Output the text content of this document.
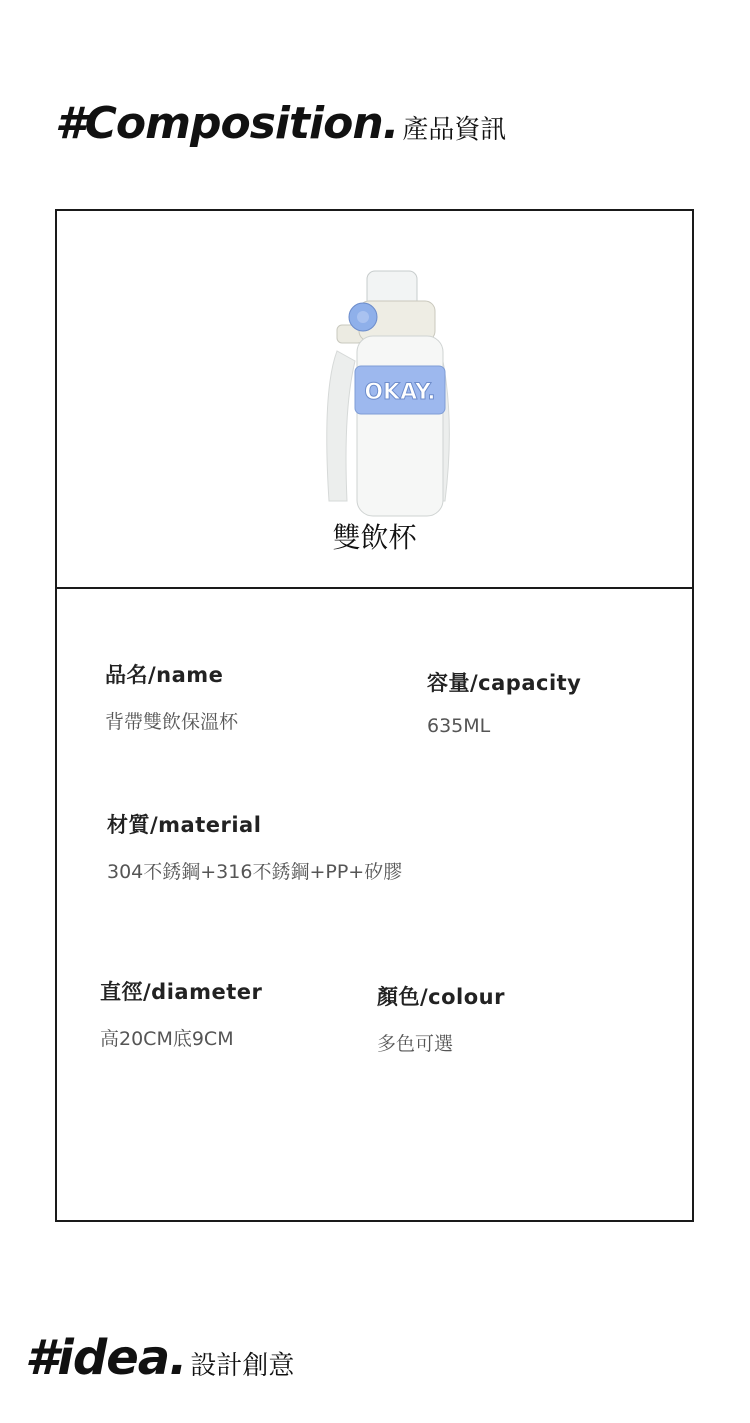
#Composition. 產品資訊
OKAY.
雙飲杯
品名/name
背帶雙飲保溫杯
容量/capacity
635ML
材質/material
304不銹鋼+316不銹鋼+PP+矽膠
直徑/diameter
高20CM底9CM
顏色/colour
多色可選
#idea. 設計創意
